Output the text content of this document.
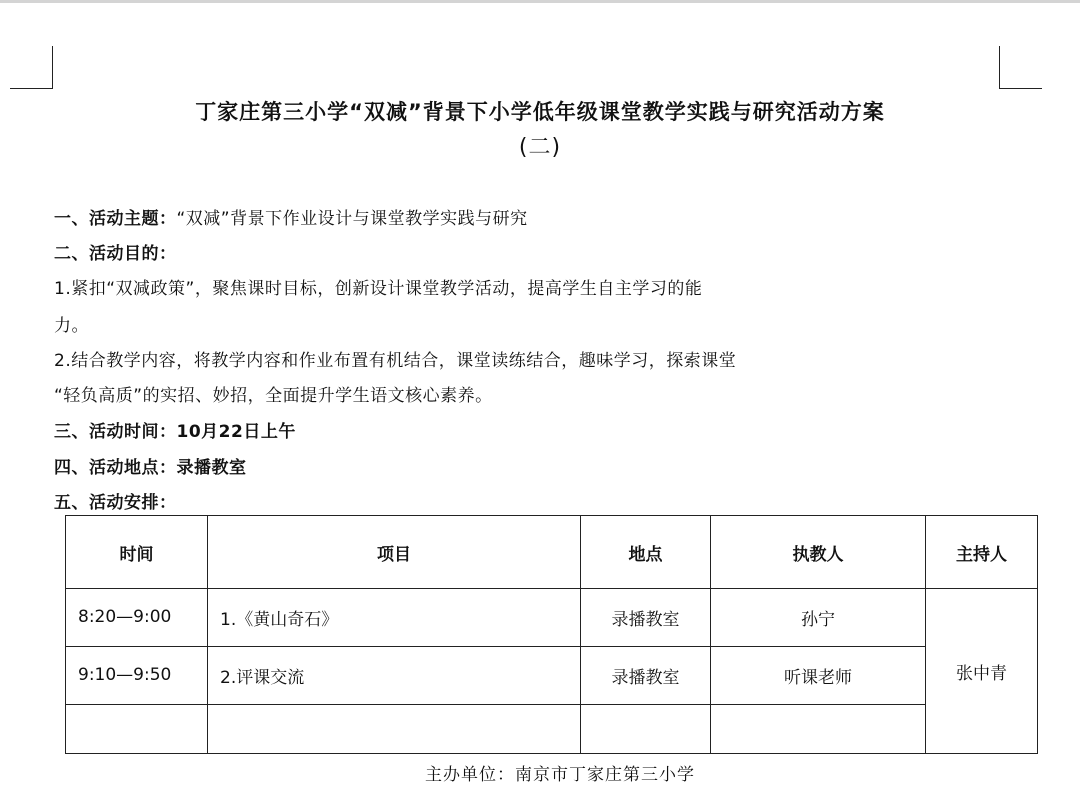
丁家庄第三小学“双减”背景下小学低年级课堂教学实践与研究活动方案
(二)
一、活动主题：“双减”背景下作业设计与课堂教学实践与研究
二、活动目的：
1.紧扣“双减政策”，聚焦课时目标，创新设计课堂教学活动，提高学生自主学习的能
力。
2.结合教学内容，将教学内容和作业布置有机结合，课堂读练结合，趣味学习，探索课堂
“轻负高质”的实招、妙招，全面提升学生语文核心素养。
三、活动时间：10月22日上午
四、活动地点：录播教室
五、活动安排：
时间	项目	地点	执教人	主持人
8:20—9:00	1.《黄山奇石》	录播教室	孙宁	张中青
9:10—9:50	2.评课交流	录播教室	听课老师	

主办单位：南京市丁家庄第三小学
